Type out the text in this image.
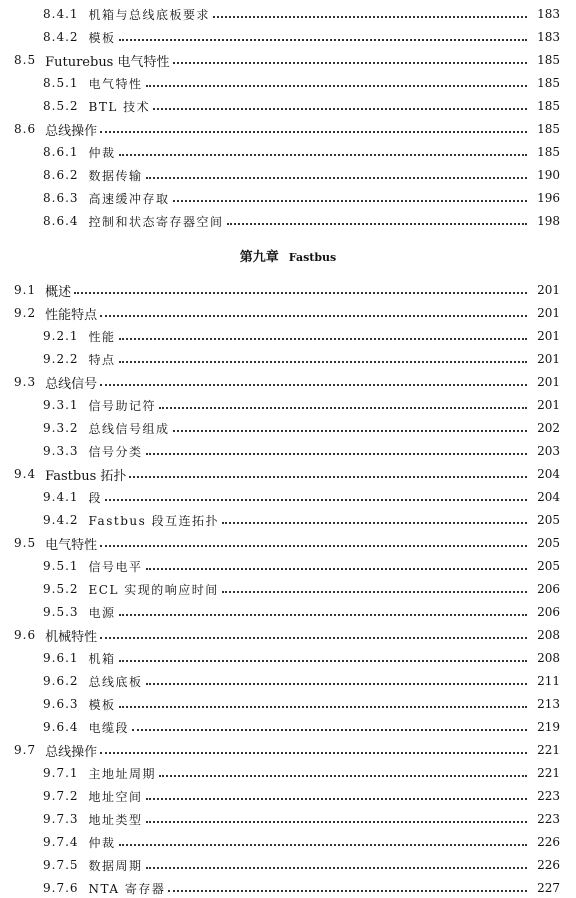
8.4.1 机箱与总线底板要求	183
8.4.2 模板	183
8.5 Futurebus 电气特性	185
8.5.1 电气特性	185
8.5.2 BTL 技术	185
8.6 总线操作	185
8.6.1 仲裁	185
8.6.2 数据传输	190
8.6.3 高速缓冲存取	196
8.6.4 控制和状态寄存器空间	198
第九章 Fastbus
9.1 概述	201
9.2 性能特点	201
9.2.1 性能	201
9.2.2 特点	201
9.3 总线信号	201
9.3.1 信号助记符	201
9.3.2 总线信号组成	202
9.3.3 信号分类	203
9.4 Fastbus 拓扑	204
9.4.1 段	204
9.4.2 Fastbus 段互连拓扑	205
9.5 电气特性	205
9.5.1 信号电平	205
9.5.2 ECL 实现的响应时间	206
9.5.3 电源	206
9.6 机械特性	208
9.6.1 机箱	208
9.6.2 总线底板	211
9.6.3 模板	213
9.6.4 电缆段	219
9.7 总线操作	221
9.7.1 主地址周期	221
9.7.2 地址空间	223
9.7.3 地址类型	223
9.7.4 仲裁	226
9.7.5 数据周期	226
9.7.6 NTA 寄存器	227
